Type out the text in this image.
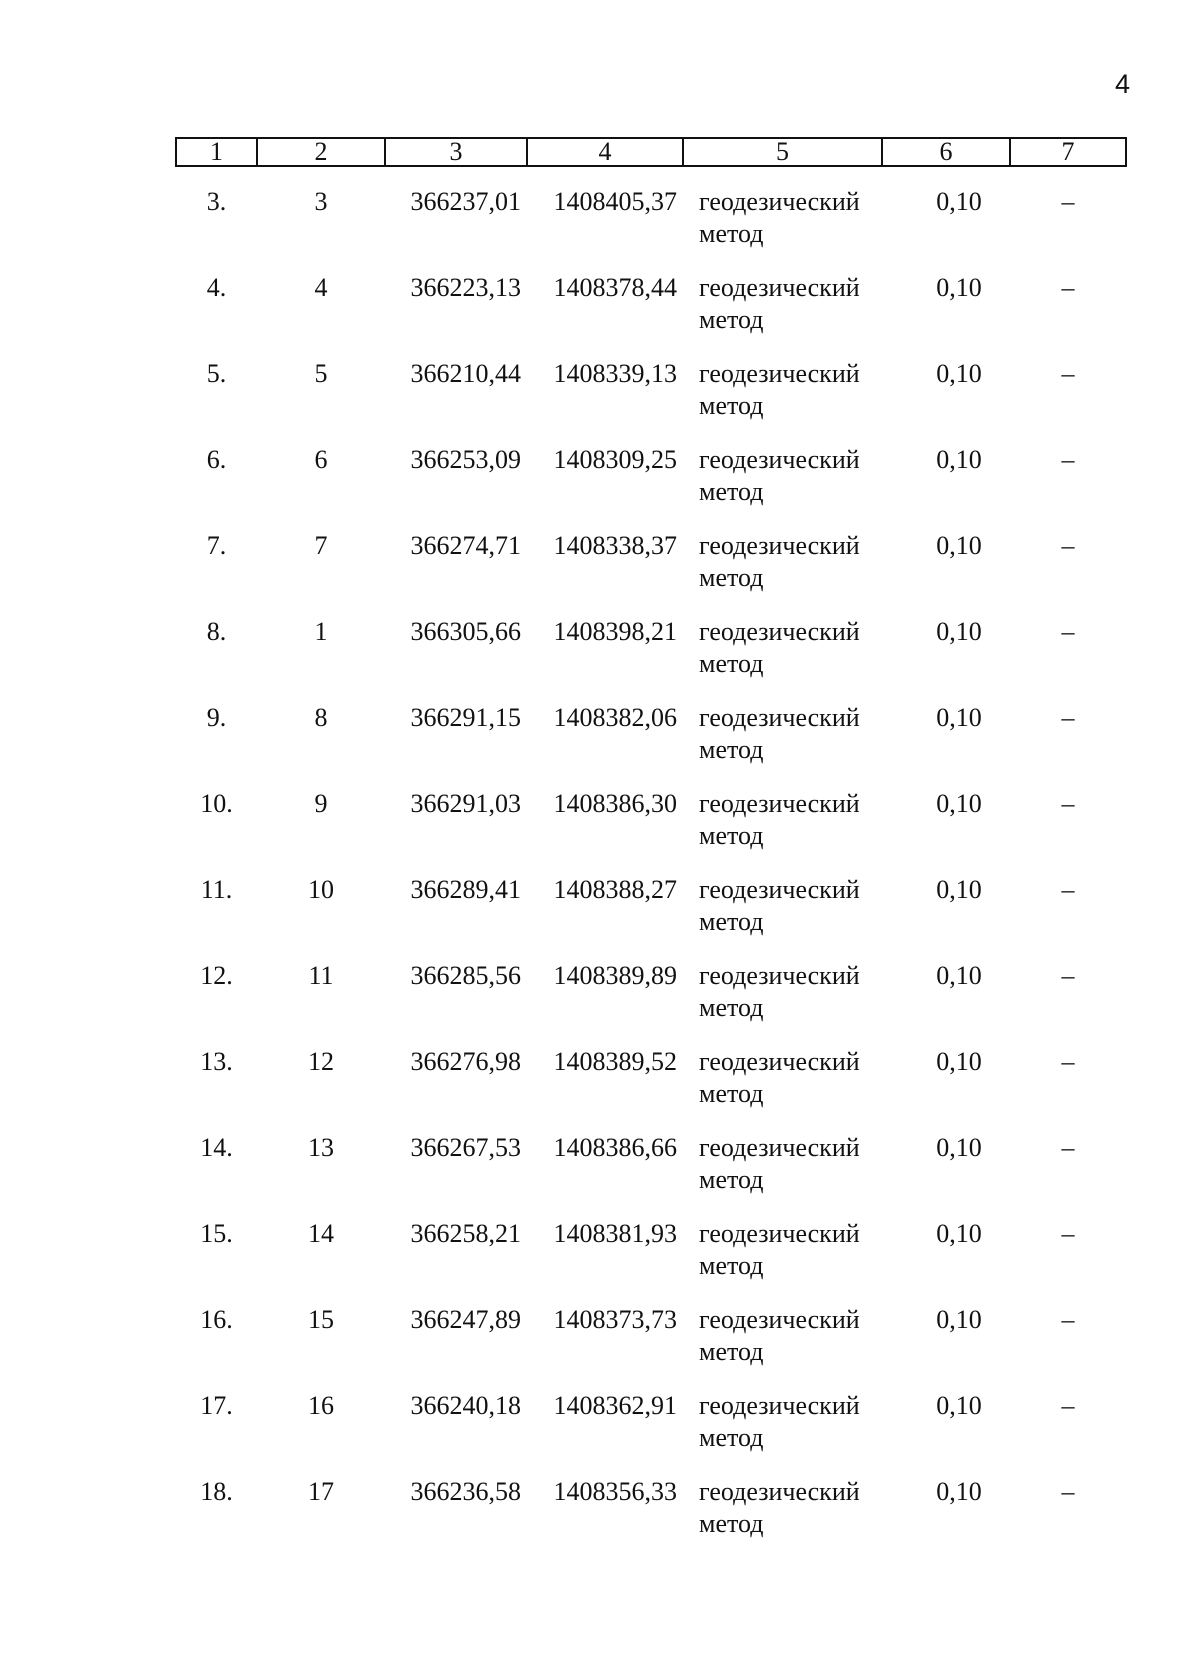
4
1	2	3	4	5	6	7
3.	3	366237,01	1408405,37	геодезический
метод	0,10	–
4.	4	366223,13	1408378,44	геодезический
метод	0,10	–
5.	5	366210,44	1408339,13	геодезический
метод	0,10	–
6.	6	366253,09	1408309,25	геодезический
метод	0,10	–
7.	7	366274,71	1408338,37	геодезический
метод	0,10	–
8.	1	366305,66	1408398,21	геодезический
метод	0,10	–
9.	8	366291,15	1408382,06	геодезический
метод	0,10	–
10.	9	366291,03	1408386,30	геодезический
метод	0,10	–
11.	10	366289,41	1408388,27	геодезический
метод	0,10	–
12.	11	366285,56	1408389,89	геодезический
метод	0,10	–
13.	12	366276,98	1408389,52	геодезический
метод	0,10	–
14.	13	366267,53	1408386,66	геодезический
метод	0,10	–
15.	14	366258,21	1408381,93	геодезический
метод	0,10	–
16.	15	366247,89	1408373,73	геодезический
метод	0,10	–
17.	16	366240,18	1408362,91	геодезический
метод	0,10	–
18.	17	366236,58	1408356,33	геодезический
метод	0,10	–
